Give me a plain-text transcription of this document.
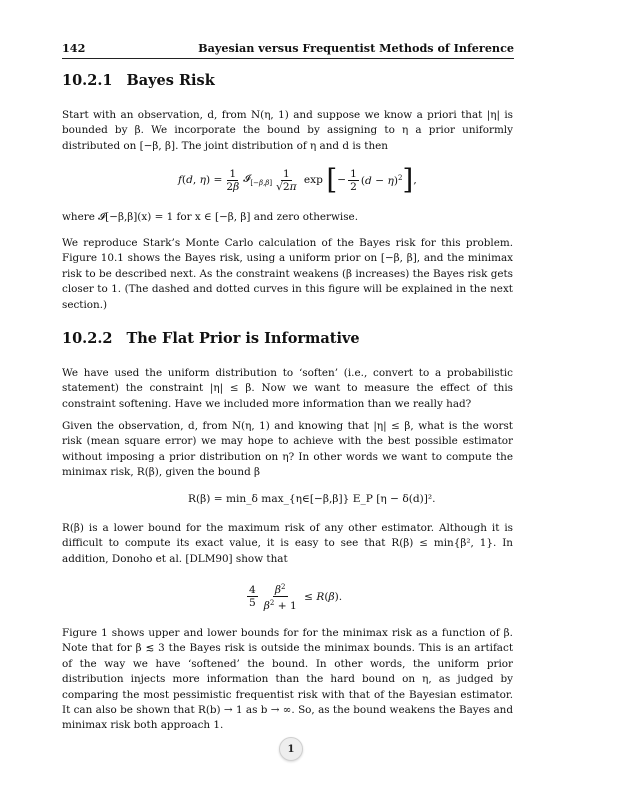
142	Bayesian versus Frequentist Methods of Inference
10.2.1 Bayes Risk

Start with an observation, d, from N(η, 1) and suppose we know a priori that |η| is bounded by β. We incorporate the bound by assigning to η a prior uniformly distributed on [−β, β]. The joint distribution of η and d is then

f(d, $\eta) = \frac{1}{2\beta}$ 𝓘$_{[-\beta,\beta]}$ $\frac{1}{√2\pi}$ exp [ − $\frac{1}{2} (d - \eta)^2$ ] ,

where 𝓘[−β,β](x) = 1 for x ∈ [−β, β] and zero otherwise.

We reproduce Stark’s Monte Carlo calculation of the Bayes risk for this problem. Figure 10.1 shows the Bayes risk, using a uniform prior on [−β, β], and the minimax risk to be described next. As the constraint weakens (β increases) the Bayes risk gets closer to 1. (The dashed and dotted curves in this figure will be explained in the next section.)

10.2.2 The Flat Prior is Informative

We have used the uniform distribution to ‘soften’ (i.e., convert to a probabilistic statement) the constraint |η| ≤ β. Now we want to measure the effect of this constraint softening. Have we included more information than we really had?

Given the observation, d, from N(η, 1) and knowing that |η| ≤ β, what is the worst risk (mean square error) we may hope to achieve with the best possible estimator without imposing a prior distribution on η? In other words we want to compute the minimax risk, R(β), given the bound β

R(β) = min_δ max_{η∈[−β,β]} E_P [η − δ(d)]².

R(β) is a lower bound for the maximum risk of any other estimator. Although it is difficult to compute its exact value, it is easy to see that R(β) ≤ min{β², 1}. In addition, Donoho et al. [DLM90] show that

$\frac{4}{5} \frac{\beta^2}{\beta^2 + 1} \le R(\beta)$.

Figure 1 shows upper and lower bounds for for the minimax risk as a function of β. Note that for β ≲ 3 the Bayes risk is outside the minimax bounds. This is an artifact of the way we have ‘softened’ the bound. In other words, the uniform prior distribution injects more information than the hard bound on η, as judged by comparing the most pessimistic frequentist risk with that of the Bayesian estimator. It can also be shown that R(b) → 1 as b → ∞. So, as the bound weakens the Bayes and minimax risk both approach 1.

1
